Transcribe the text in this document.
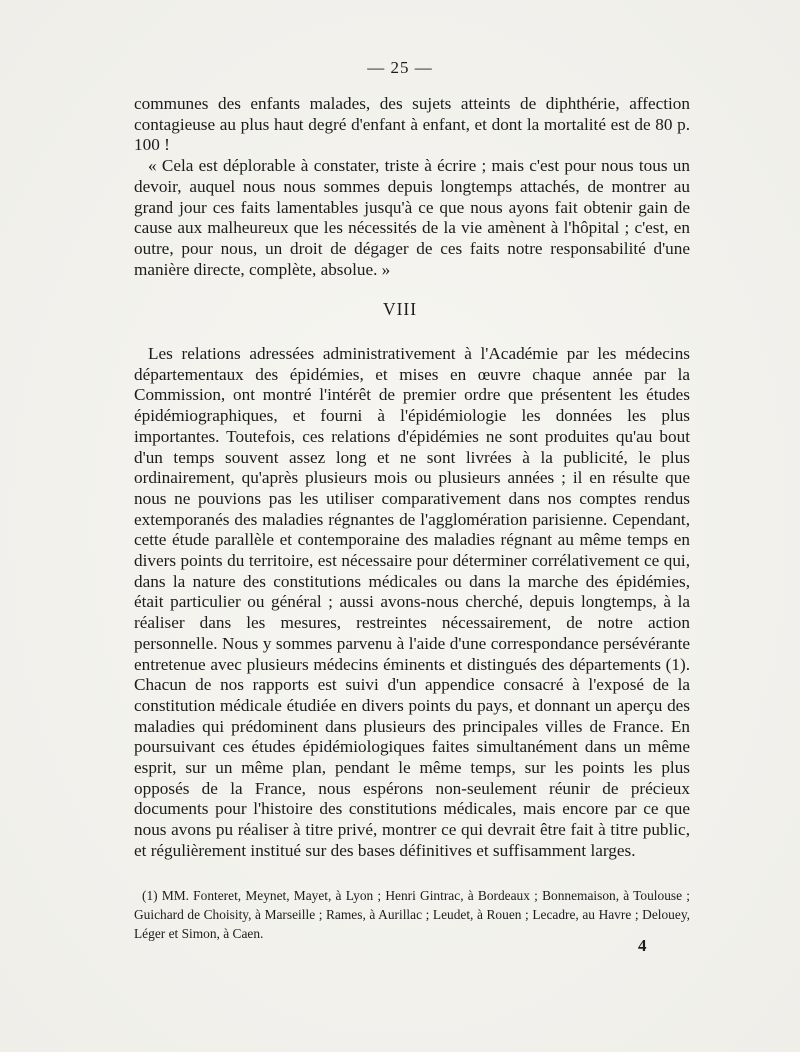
— 25 —

communes des enfants malades, des sujets atteints de diphthérie, affection contagieuse au plus haut degré d'enfant à enfant, et dont la mortalité est de 80 p. 100 !

« Cela est déplorable à constater, triste à écrire ; mais c'est pour nous tous un devoir, auquel nous nous sommes depuis longtemps attachés, de montrer au grand jour ces faits lamentables jusqu'à ce que nous ayons fait obtenir gain de cause aux malheureux que les nécessités de la vie amènent à l'hôpital ; c'est, en outre, pour nous, un droit de dégager de ces faits notre responsabilité d'une manière directe, complète, absolue. »

VIII

Les relations adressées administrativement à l'Académie par les médecins départementaux des épidémies, et mises en œuvre chaque année par la Commission, ont montré l'intérêt de premier ordre que présentent les études épidémiographiques, et fourni à l'épidémiologie les données les plus importantes. Toutefois, ces relations d'épidémies ne sont produites qu'au bout d'un temps souvent assez long et ne sont livrées à la publicité, le plus ordinairement, qu'après plusieurs mois ou plusieurs années ; il en résulte que nous ne pouvions pas les utiliser comparativement dans nos comptes rendus extemporanés des maladies régnantes de l'agglomération parisienne. Cependant, cette étude parallèle et contemporaine des maladies régnant au même temps en divers points du territoire, est nécessaire pour déterminer corrélativement ce qui, dans la nature des constitutions médicales ou dans la marche des épidémies, était particulier ou général ; aussi avons-nous cherché, depuis longtemps, à la réaliser dans les mesures, restreintes nécessairement, de notre action personnelle. Nous y sommes parvenu à l'aide d'une correspondance persévérante entretenue avec plusieurs médecins éminents et distingués des départements (1). Chacun de nos rapports est suivi d'un appendice consacré à l'exposé de la constitution médicale étudiée en divers points du pays, et donnant un aperçu des maladies qui prédominent dans plusieurs des principales villes de France. En poursuivant ces études épidémiologiques faites simultanément dans un même esprit, sur un même plan, pendant le même temps, sur les points les plus opposés de la France, nous espérons non-seulement réunir de précieux documents pour l'histoire des constitutions médicales, mais encore par ce que nous avons pu réaliser à titre privé, montrer ce qui devrait être fait à titre public, et régulièrement institué sur des bases définitives et suffisamment larges.

(1) MM. Fonteret, Meynet, Mayet, à Lyon ; Henri Gintrac, à Bordeaux ; Bonnemaison, à Toulouse ; Guichard de Choisity, à Marseille ; Rames, à Aurillac ; Leudet, à Rouen ; Lecadre, au Havre ; Delouey, Léger et Simon, à Caen.

4
